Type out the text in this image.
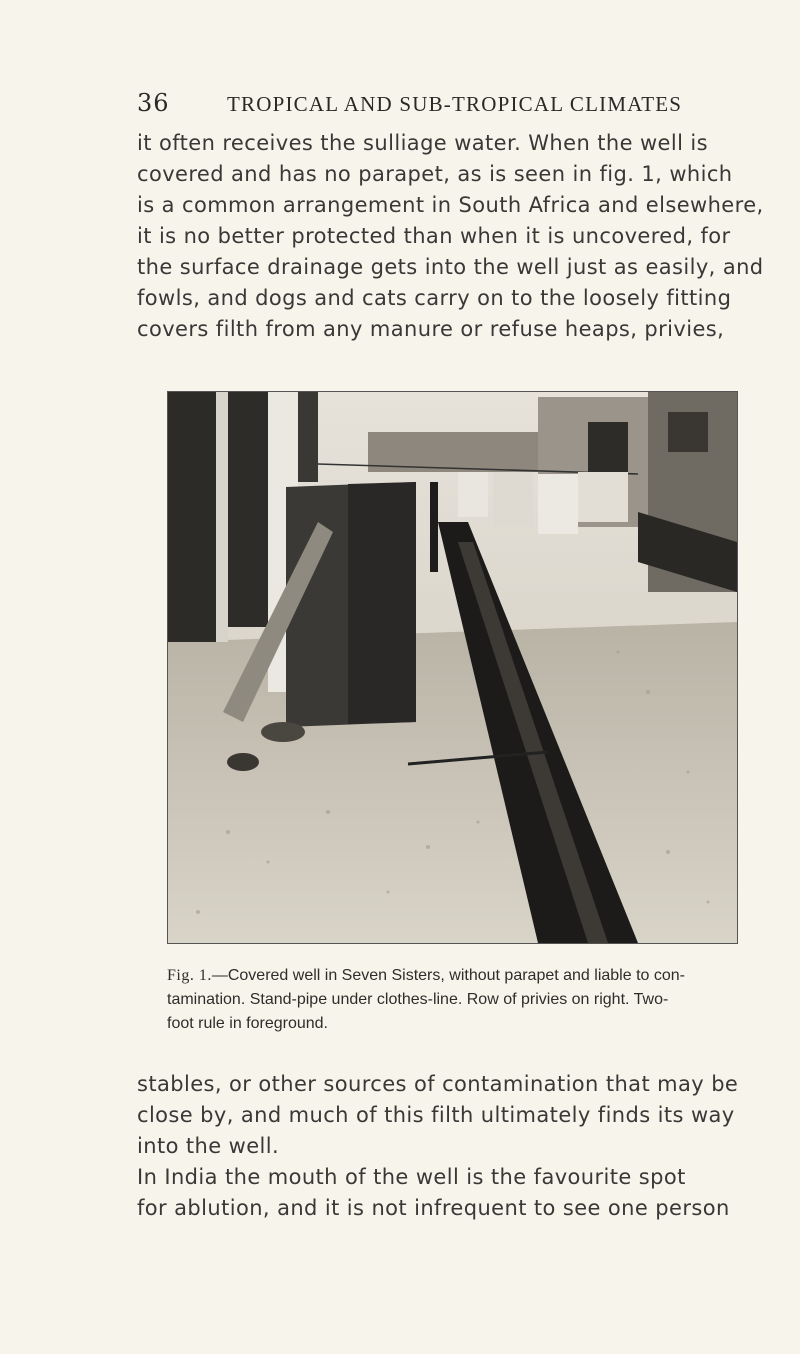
36	TROPICAL AND SUB-TROPICAL CLIMATES
it often receives the sulliage water. When the well is
covered and has no parapet, as is seen in fig. 1, which
is a common arrangement in South Africa and elsewhere,
it is no better protected than when it is uncovered, for
the surface drainage gets into the well just as easily, and
fowls, and dogs and cats carry on to the loosely fitting
covers filth from any manure or refuse heaps, privies,
Fig. 1.—Covered well in Seven Sisters, without parapet and liable to con-
tamination. Stand-pipe under clothes-line. Row of privies on right. Two-
foot rule in foreground.
stables, or other sources of contamination that may be
close by, and much of this filth ultimately finds its way
into the well.
In India the mouth of the well is the favourite spot
for ablution, and it is not infrequent to see one person
